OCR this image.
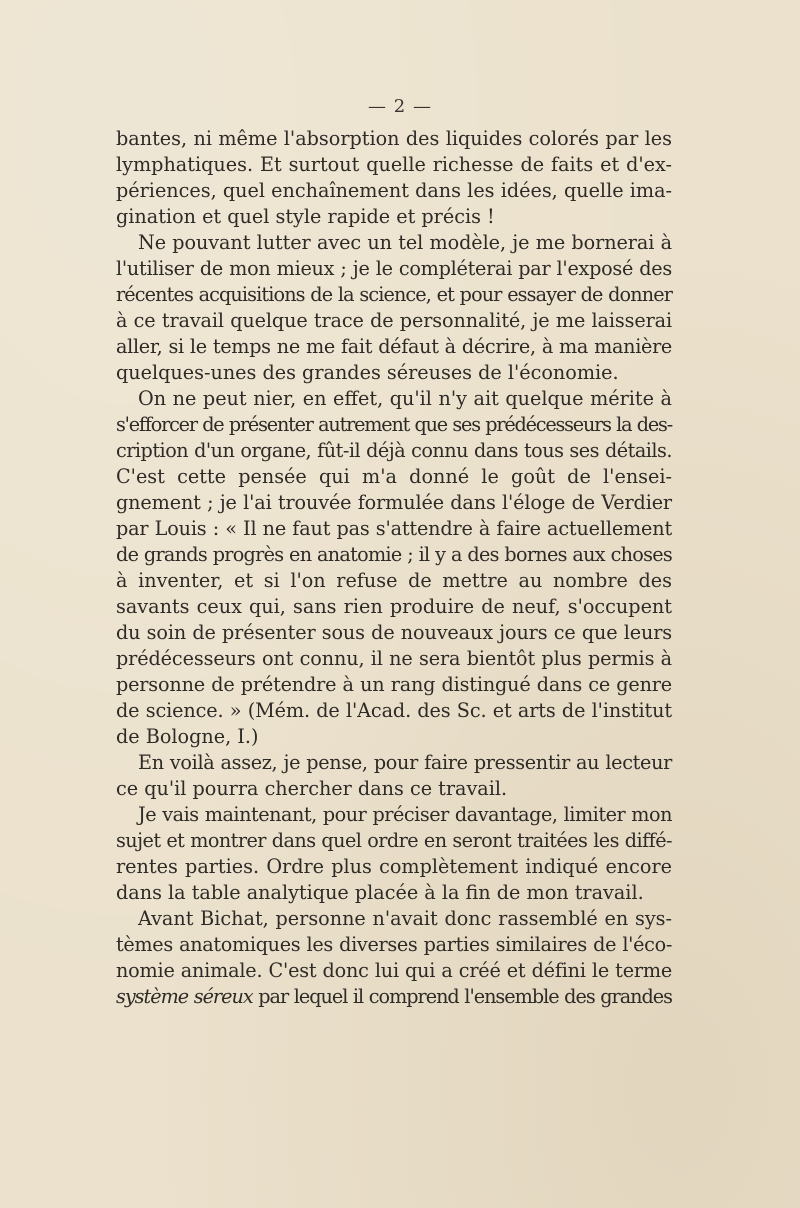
— 2 —
bantes, ni même l'absorption des liquides colorés par les
lymphatiques. Et surtout quelle richesse de faits et d'ex-
périences, quel enchaînement dans les idées, quelle ima-
gination et quel style rapide et précis !
Ne pouvant lutter avec un tel modèle, je me bornerai à
l'utiliser de mon mieux ; je le compléterai par l'exposé des
récentes acquisitions de la science, et pour essayer de donner
à ce travail quelque trace de personnalité, je me laisserai
aller, si le temps ne me fait défaut à décrire, à ma manière
quelques-unes des grandes séreuses de l'économie.
On ne peut nier, en effet, qu'il n'y ait quelque mérite à
s'efforcer de présenter autrement que ses prédécesseurs la des-
cription d'un organe, fût-il déjà connu dans tous ses détails.
C'est cette pensée qui m'a donné le goût de l'ensei-
gnement ; je l'ai trouvée formulée dans l'éloge de Verdier
par Louis : « Il ne faut pas s'attendre à faire actuellement
de grands progrès en anatomie ; il y a des bornes aux choses
à inventer, et si l'on refuse de mettre au nombre des
savants ceux qui, sans rien produire de neuf, s'occupent
du soin de présenter sous de nouveaux jours ce que leurs
prédécesseurs ont connu, il ne sera bientôt plus permis à
personne de prétendre à un rang distingué dans ce genre
de science. » (Mém. de l'Acad. des Sc. et arts de l'institut
de Bologne, I.)
En voilà assez, je pense, pour faire pressentir au lecteur
ce qu'il pourra chercher dans ce travail.
Je vais maintenant, pour préciser davantage, limiter mon
sujet et montrer dans quel ordre en seront traitées les diffé-
rentes parties. Ordre plus complètement indiqué encore
dans la table analytique placée à la fin de mon travail.
Avant Bichat, personne n'avait donc rassemblé en sys-
tèmes anatomiques les diverses parties similaires de l'éco-
nomie animale. C'est donc lui qui a créé et défini le terme
système séreux par lequel il comprend l'ensemble des grandes
